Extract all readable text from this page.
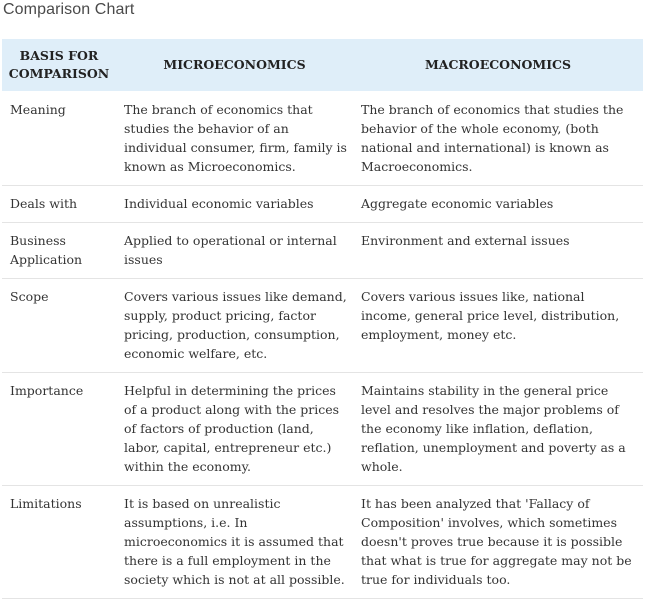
Comparison Chart
BASIS FOR COMPARISON	MICROECONOMICS	MACROECONOMICS
Meaning	The branch of economics that studies the behavior of an individual consumer, firm, family is known as Microeconomics.	The branch of economics that studies the behavior of the whole economy, (both national and international) is known as Macroeconomics.
Deals with	Individual economic variables	Aggregate economic variables
Business Application	Applied to operational or internal issues	Environment and external issues
Scope	Covers various issues like demand, supply, product pricing, factor pricing, production, consumption, economic welfare, etc.	Covers various issues like, national income, general price level, distribution, employment, money etc.
Importance	Helpful in determining the prices of a product along with the prices of factors of production (land, labor, capital, entrepreneur etc.) within the economy.	Maintains stability in the general price level and resolves the major problems of the economy like inflation, deflation, reflation, unemployment and poverty as a whole.
Limitations	It is based on unrealistic assumptions, i.e. In microeconomics it is assumed that there is a full employment in the society which is not at all possible.	It has been analyzed that 'Fallacy of Composition' involves, which sometimes doesn't proves true because it is possible that what is true for aggregate may not be true for individuals too.
